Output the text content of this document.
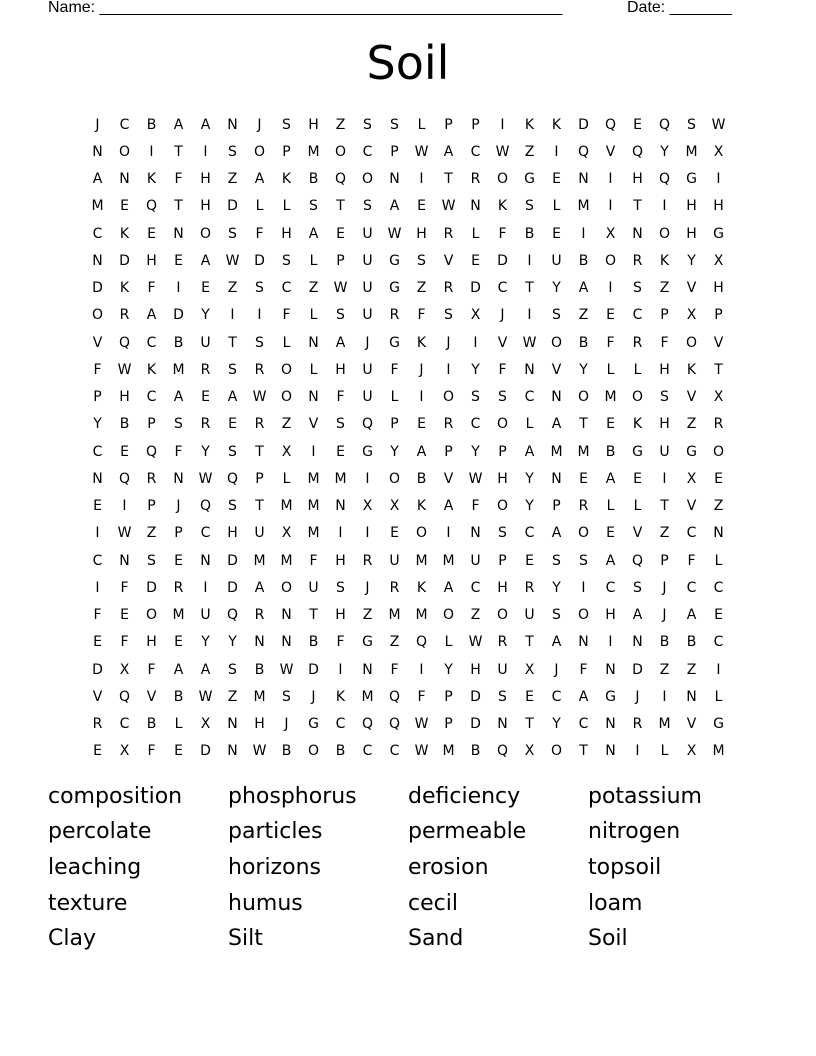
Name: ____________________________________________________	Date: _______
Soil
J	C	B	A	A	N	J	S	H	Z	S	S	L	P	P	I	K	K	D	Q	E	Q	S	W
N	O	I	T	I	S	O	P	M	O	C	P	W	A	C	W	Z	I	Q	V	Q	Y	M	X
A	N	K	F	H	Z	A	K	B	Q	O	N	I	T	R	O	G	E	N	I	H	Q	G	I
M	E	Q	T	H	D	L	L	S	T	S	A	E	W	N	K	S	L	M	I	T	I	H	H
C	K	E	N	O	S	F	H	A	E	U	W	H	R	L	F	B	E	I	X	N	O	H	G
N	D	H	E	A	W	D	S	L	P	U	G	S	V	E	D	I	U	B	O	R	K	Y	X
D	K	F	I	E	Z	S	C	Z	W	U	G	Z	R	D	C	T	Y	A	I	S	Z	V	H
O	R	A	D	Y	I	I	F	L	S	U	R	F	S	X	J	I	S	Z	E	C	P	X	P
V	Q	C	B	U	T	S	L	N	A	J	G	K	J	I	V	W	O	B	F	R	F	O	V
F	W	K	M	R	S	R	O	L	H	U	F	J	I	Y	F	N	V	Y	L	L	H	K	T
P	H	C	A	E	A	W	O	N	F	U	L	I	O	S	S	C	N	O	M	O	S	V	X
Y	B	P	S	R	E	R	Z	V	S	Q	P	E	R	C	O	L	A	T	E	K	H	Z	R
C	E	Q	F	Y	S	T	X	I	E	G	Y	A	P	Y	P	A	M	M	B	G	U	G	O
N	Q	R	N	W	Q	P	L	M	M	I	O	B	V	W	H	Y	N	E	A	E	I	X	E
E	I	P	J	Q	S	T	M	M	N	X	X	K	A	F	O	Y	P	R	L	L	T	V	Z
I	W	Z	P	C	H	U	X	M	I	I	E	O	I	N	S	C	A	O	E	V	Z	C	N
C	N	S	E	N	D	M	M	F	H	R	U	M	M	U	P	E	S	S	A	Q	P	F	L
I	F	D	R	I	D	A	O	U	S	J	R	K	A	C	H	R	Y	I	C	S	J	C	C
F	E	O	M	U	Q	R	N	T	H	Z	M	M	O	Z	O	U	S	O	H	A	J	A	E
E	F	H	E	Y	Y	N	N	B	F	G	Z	Q	L	W	R	T	A	N	I	N	B	B	C
D	X	F	A	A	S	B	W	D	I	N	F	I	Y	H	U	X	J	F	N	D	Z	Z	I
V	Q	V	B	W	Z	M	S	J	K	M	Q	F	P	D	S	E	C	A	G	J	I	N	L
R	C	B	L	X	N	H	J	G	C	Q	Q	W	P	D	N	T	Y	C	N	R	M	V	G
E	X	F	E	D	N	W	B	O	B	C	C	W	M	B	Q	X	O	T	N	I	L	X	M
composition	phosphorus	deficiency	potassium
percolate	particles	permeable	nitrogen
leaching	horizons	erosion	topsoil
texture	humus	cecil	loam
Clay	Silt	Sand	Soil
